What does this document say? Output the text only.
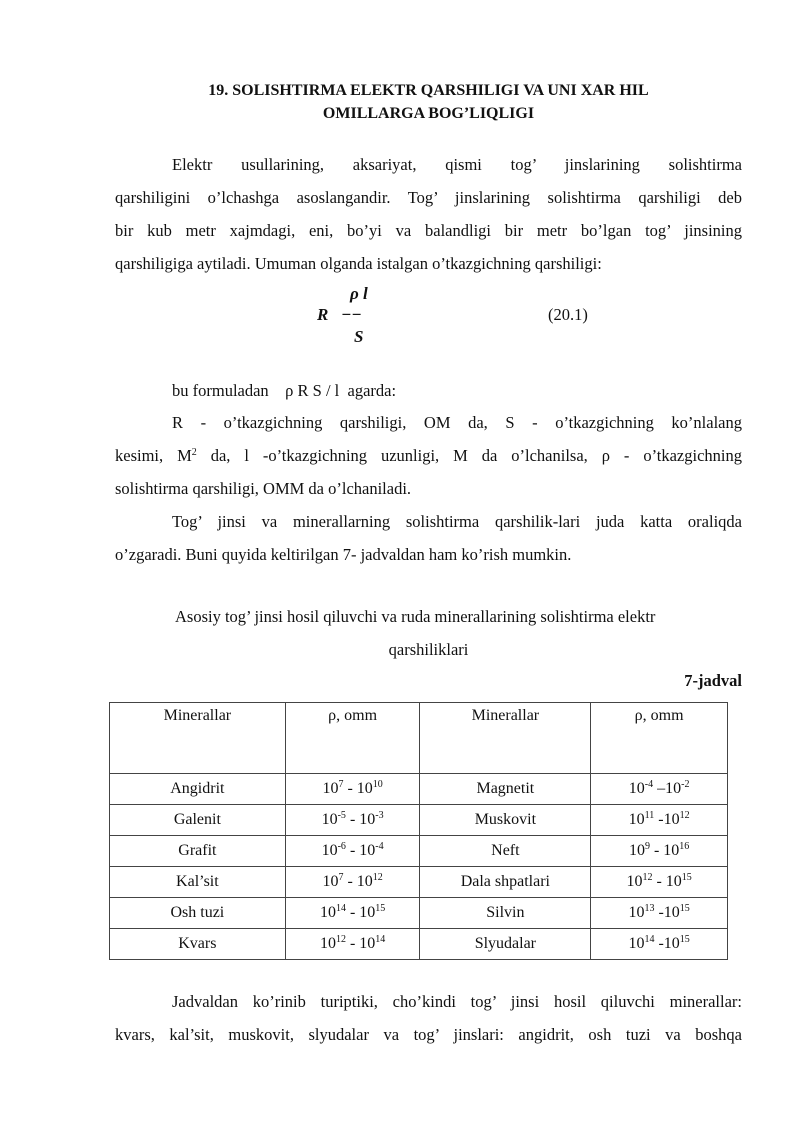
19. SOLISHTIRMA ELEKTR QARSHILIGI VA UNI XAR HIL
OMILLARGA BOG’LIQLIGI
Elektr usullarining, aksariyat, qismi tog’ jinslarining solishtirma
qarshiligini o’lchashga asoslangandir. Tog’ jinslarining solishtirma qarshiligi deb
bir kub metr xajmdagi, eni, bo’yi va balandligi bir metr bo’lgan tog’ jinsining
qarshiligiga aytiladi. Umuman olganda istalgan o’tkazgichning qarshiligi:
ρ l
R −−
S
(20.1)
bu formuladan    ρ R S / l  agarda:
R - o’tkazgichning qarshiligi, OM da, S - o’tkazgichning ko’nlalang
kesimi, $M^2$ da, l -o’tkazgichning uzunligi, M da o’lchanilsa, ρ - o’tkazgichning
solishtirma qarshiligi, OMM da o’lchaniladi.
Tog’ jinsi va minerallarning solishtirma qarshilik-lari juda katta oraliqda
o’zgaradi. Buni quyida keltirilgan 7- jadvaldan ham ko’rish mumkin.
Asosiy tog’ jinsi hosil qiluvchi va ruda minerallarining solishtirma elektr
qarshiliklari
7-jadval
Minerallar	ρ, omm	Minerallar	ρ, omm
Angidrit	$10^7 - 10^{10}$	Magnetit	$10^{-4}$ $-10^{-2}$
Galenit	$10^{-5} - 10^{-3}$	Muskovit	$10^{11}$ $-10^{12}$
Grafit	$10^{-6} - 10^{-4}$	Neft	$10^9 - 10^{16}$
Kal’sit	$10^7 - 10^{12}$	Dala shpatlari	$10^{12} - 10^{15}$
Osh tuzi	$10^{14} - 10^{15}$	Silvin	$10^{13}$ $-10^{15}$
Kvars	$10^{12} - 10^{14}$	Slyudalar	$10^{14}$ $-10^{15}$
Jadvaldan ko’rinib turiptiki, cho’kindi tog’ jinsi hosil qiluvchi minerallar:
kvars, kal’sit, muskovit, slyudalar va tog’ jinslari: angidrit, osh tuzi va boshqa
